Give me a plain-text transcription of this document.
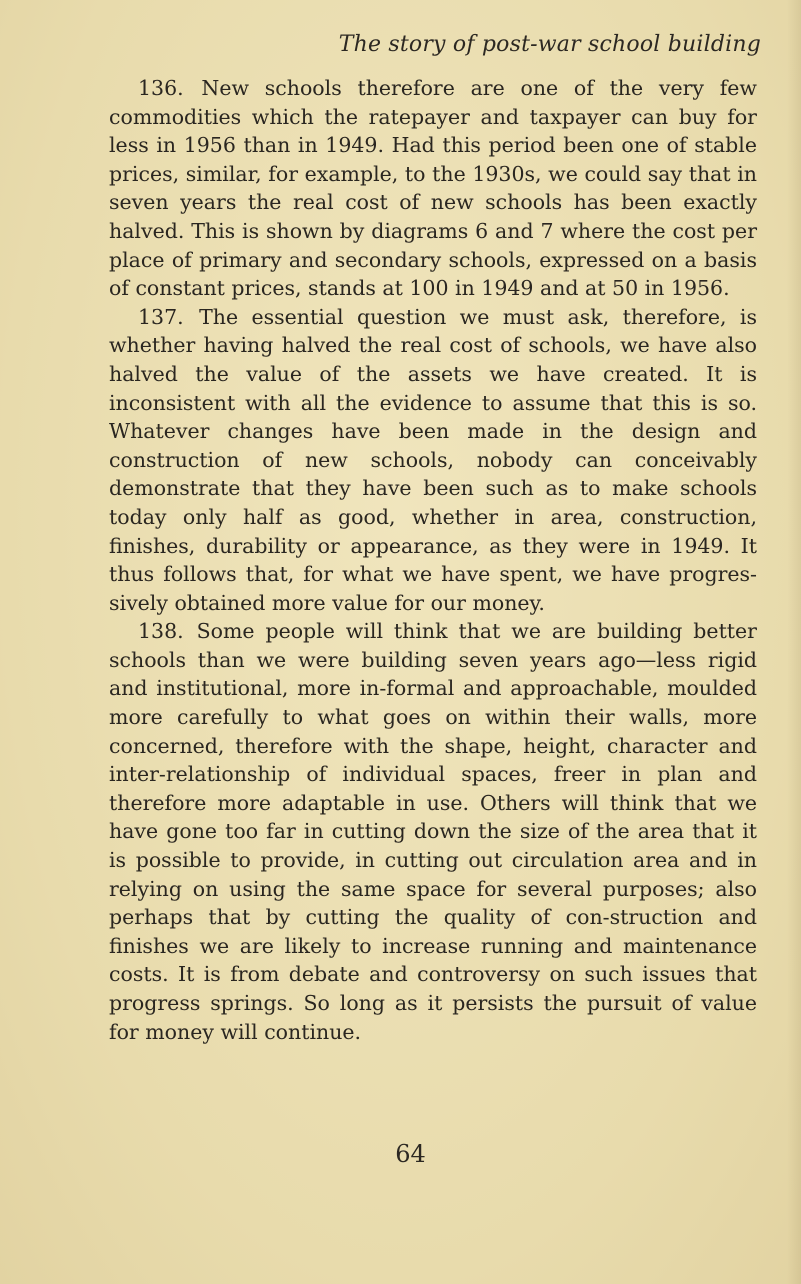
The story of post-war school building

136. New schools therefore are one of the very few commodities which the ratepayer and taxpayer can buy for less in 1956 than in 1949. Had this period been one of stable prices, similar, for example, to the 1930s, we could say that in seven years the real cost of new schools has been exactly halved. This is shown by diagrams 6 and 7 where the cost per place of primary and secondary schools, expressed on a basis of constant prices, stands at 100 in 1949 and at 50 in 1956.

137. The essential question we must ask, therefore, is whether having halved the real cost of schools, we have also halved the value of the assets we have created. It is inconsistent with all the evidence to assume that this is so. Whatever changes have been made in the design and construction of new schools, nobody can conceivably demonstrate that they have been such as to make schools today only half as good, whether in area, construction, finishes, durability or appearance, as they were in 1949. It thus follows that, for what we have spent, we have progres-sively obtained more value for our money.

138. Some people will think that we are building better schools than we were building seven years ago—less rigid and institutional, more in-formal and approachable, moulded more carefully to what goes on within their walls, more concerned, therefore with the shape, height, character and inter-relationship of individual spaces, freer in plan and therefore more adaptable in use. Others will think that we have gone too far in cutting down the size of the area that it is possible to provide, in cutting out circulation area and in relying on using the same space for several purposes; also perhaps that by cutting the quality of con-struction and finishes we are likely to increase running and maintenance costs. It is from debate and controversy on such issues that progress springs. So long as it persists the pursuit of value for money will continue.

64
